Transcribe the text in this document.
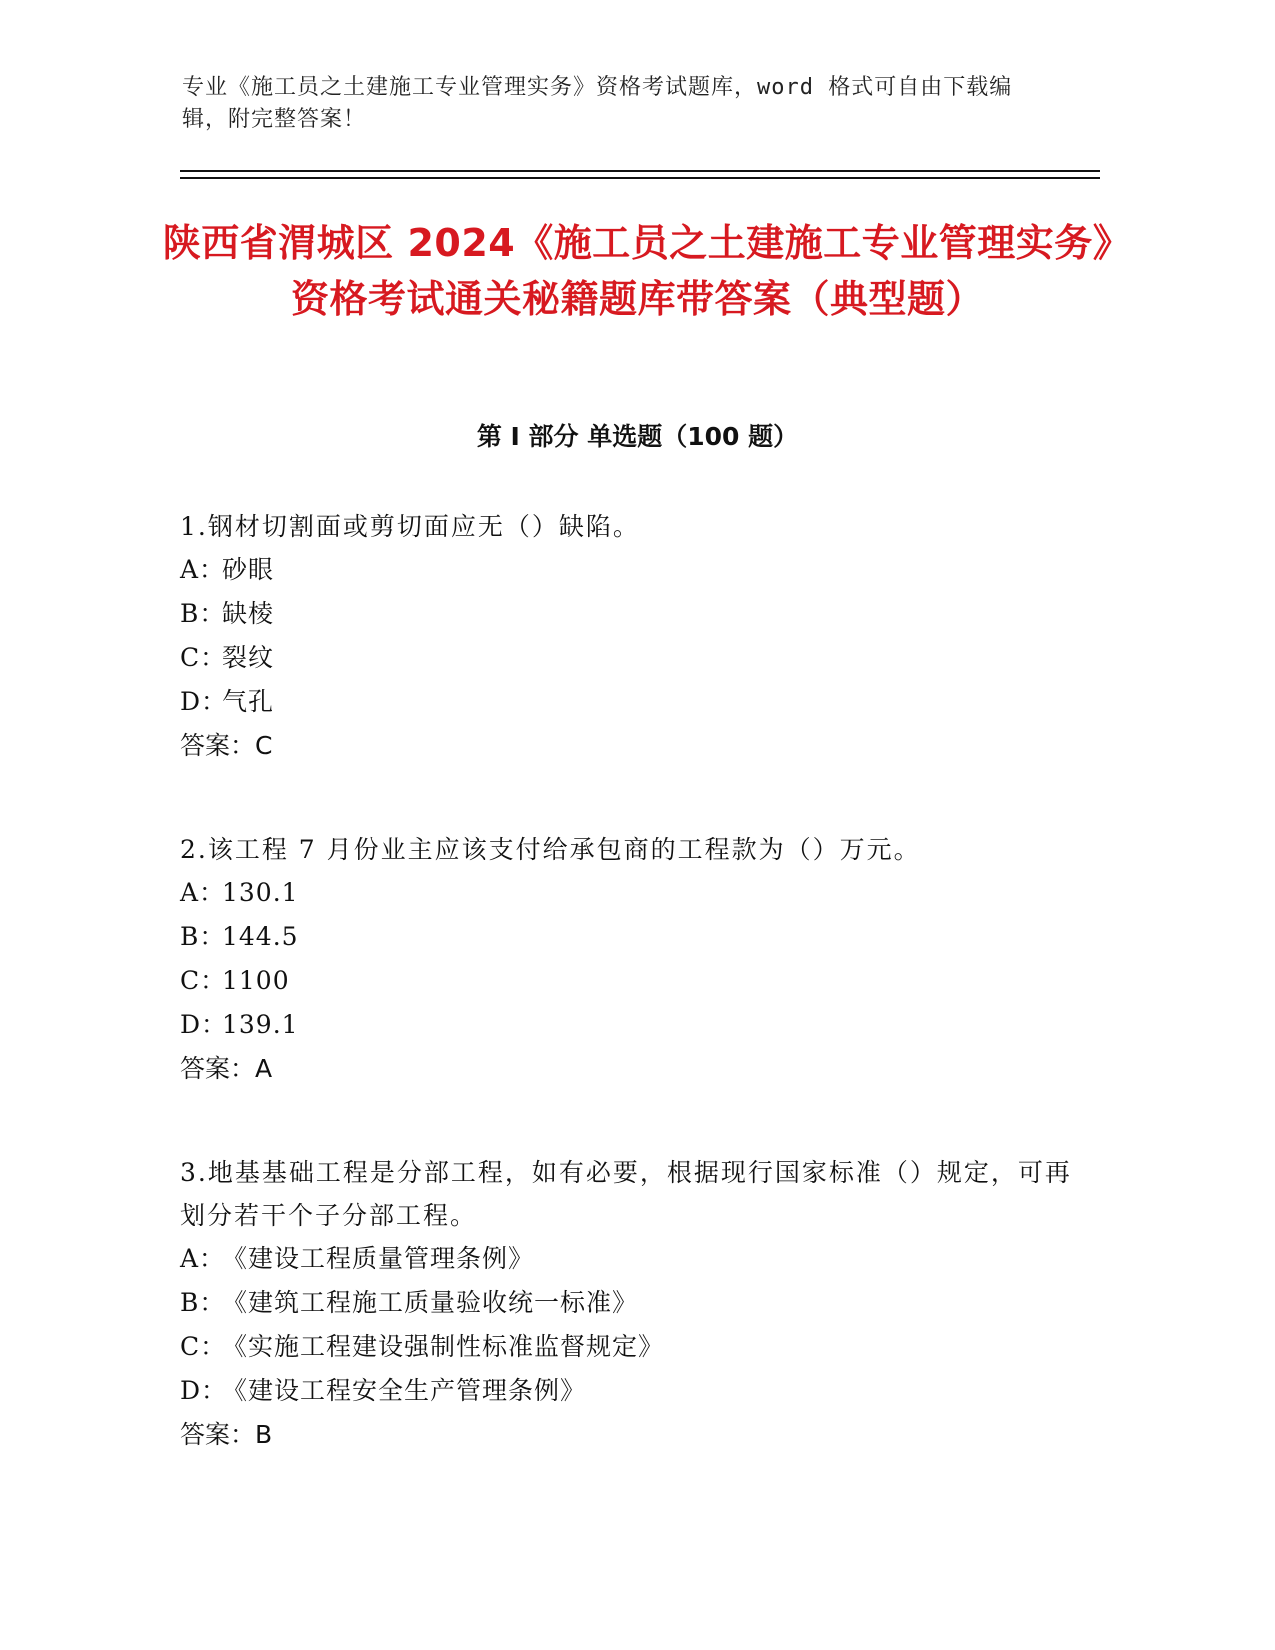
专业《施工员之土建施工专业管理实务》资格考试题库，word 格式可自由下载编辑，附完整答案！
陕西省渭城区 2024《施工员之土建施工专业管理实务》资格考试通关秘籍题库带答案（典型题）
第 I 部分 单选题（100 题）

1.钢材切割面或剪切面应无（）缺陷。

A：砂眼
B：缺棱
C：裂纹
D：气孔
答案：C

2.该工程 7 月份业主应该支付给承包商的工程款为（）万元。

A：130.1
B：144.5
C：1100
D：139.1
答案：A

3.地基基础工程是分部工程，如有必要，根据现行国家标准（）规定，可再划分若干个子分部工程。

A：《建设工程质量管理条例》
B：《建筑工程施工质量验收统一标准》
C：《实施工程建设强制性标准监督规定》
D：《建设工程安全生产管理条例》
答案：B
